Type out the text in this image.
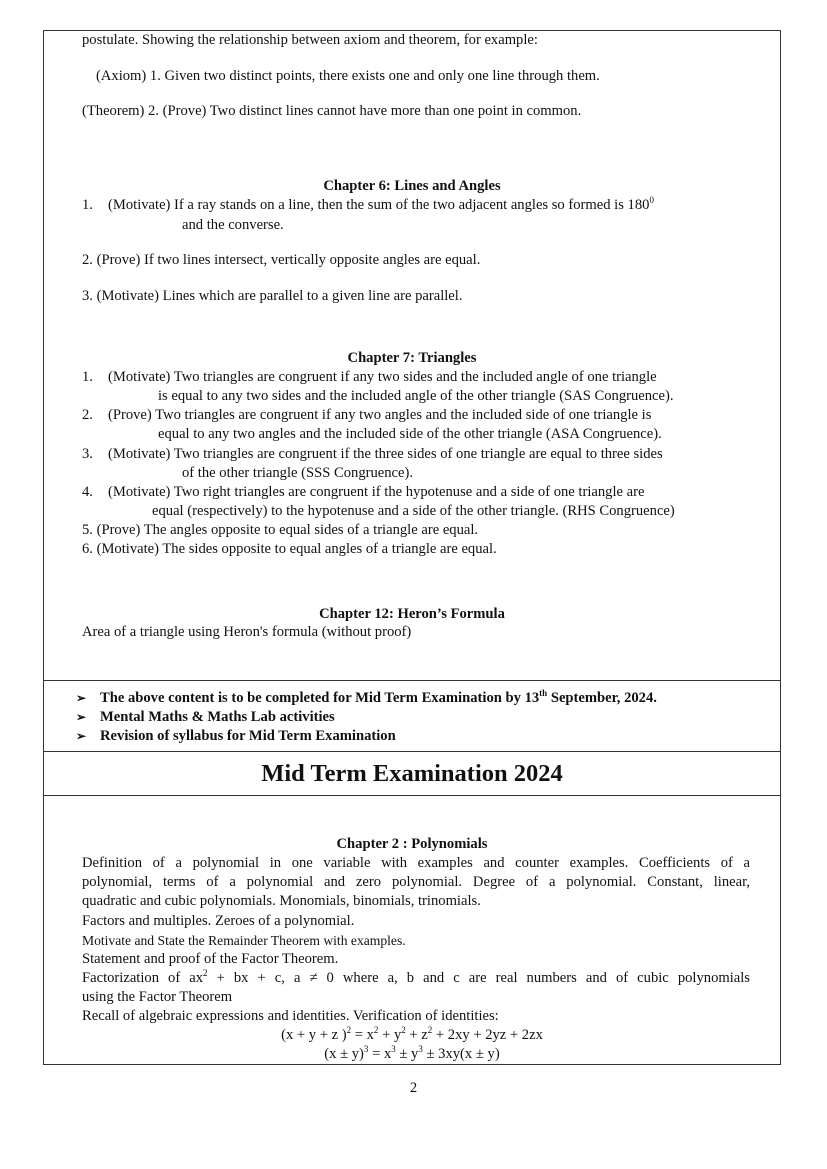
postulate. Showing the relationship between axiom and theorem, for example:
(Axiom) 1. Given two distinct points, there exists one and only one line through them.
(Theorem) 2. (Prove) Two distinct lines cannot have more than one point in common.
Chapter 6: Lines and Angles
1. (Motivate) If a ray stands on a line, then the sum of the two adjacent angles so formed is $180^0$
and the converse.
2. (Prove) If two lines intersect, vertically opposite angles are equal.
3. (Motivate) Lines which are parallel to a given line are parallel.
Chapter 7: Triangles
1. (Motivate) Two triangles are congruent if any two sides and the included angle of one triangle
is equal to any two sides and the included angle of the other triangle (SAS Congruence).
2. (Prove) Two triangles are congruent if any two angles and the included side of one triangle is
equal to any two angles and the included side of the other triangle (ASA Congruence).
3. (Motivate) Two triangles are congruent if the three sides of one triangle are equal to three sides
of the other triangle (SSS Congruence).
4. (Motivate) Two right triangles are congruent if the hypotenuse and a side of one triangle are
equal (respectively) to the hypotenuse and a side of the other triangle. (RHS Congruence)
5. (Prove) The angles opposite to equal sides of a triangle are equal.
6. (Motivate) The sides opposite to equal angles of a triangle are equal.
Chapter 12: Heron’s Formula
Area of a triangle using Heron's formula (without proof)
➢ The above content is to be completed for Mid Term Examination by 13th September, 2024.
➢ Mental Maths & Maths Lab activities
➢ Revision of syllabus for Mid Term Examination
Mid Term Examination 2024
Chapter 2 : Polynomials
Definition of a polynomial in one variable with examples and counter examples. Coefficients of a
polynomial, terms of a polynomial and zero polynomial. Degree of a polynomial. Constant, linear,
quadratic and cubic polynomials. Monomials, binomials, trinomials.
Factors and multiples. Zeroes of a polynomial.
Motivate and State the Remainder Theorem with examples.
Statement and proof of the Factor Theorem.
Factorization of $ax^2$ + bx + c, a ≠ 0 where a, b and c are real numbers and of cubic polynomials
using the Factor Theorem
Recall of algebraic expressions and identities. Verification of identities:
(x + y + z )$^2 = x^2 + y^2 + z^2 + 2xy + 2yz + 2zx$
$(x \pm y)^3 = x^3 \pm y^3 \pm 3xy(x \pm y)$
2
